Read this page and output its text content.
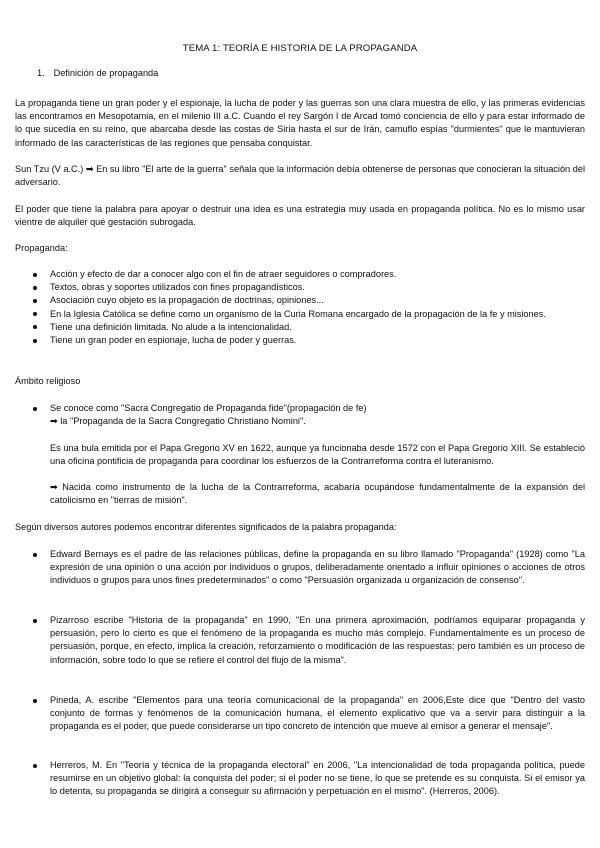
TEMA 1: TEORÍA E HISTORIA DE LA PROPAGANDA
1. Definición de propaganda
La propaganda tiene un gran poder y el espionaje, la lucha de poder y las guerras son una clara muestra de ello, y las primeras evidencias las encontramos en Mesopotamia, en el milenio III a.C. Cuando el rey Sargón I de Arcad tomó conciencia de ello y para estar informado de lo que sucedía en su reino, que abarcaba desde las costas de Siria hasta el sur de Irán, camuflo espías "durmientes" que le mantuvieran informado de las características de las regiones que pensaba conquistar.
Sun Tzu (V a.C.) ➡ En su libro "El arte de la guerra" señala que la información debía obtenerse de personas que conocieran la situación del adversario.
El poder que tiene la palabra para apoyar o destruir una idea es una estrategia muy usada en propaganda política. No es lo mismo usar vientre de alquiler qué gestación subrogada.
Propaganda:
Acción y efecto de dar a conocer algo con el fin de atraer seguidores o compradores.
Textos, obras y soportes utilizados con fines propagandísticos.
Asociación cuyo objeto es la propagación de doctrinas, opiniones...
En la Iglesia Católica se define como un organismo de la Curia Romana encargado de la propagación de la fe y misiones.
Tiene una definición limitada. No alude a la intencionalidad.
Tiene un gran poder en espionaje, lucha de poder y guerras.
Ámbito religioso
Se conoce como "Sacra Congregatio de Propaganda fide"(propagación de fe)
➡ la "Propaganda de la Sacra Congregatio Christiano Nomini".
Es una bula emitida por el Papa Gregorio XV en 1622, aunque ya funcionaba desde 1572 con el Papa Gregorio XIII. Se estableció una oficina pontificia de propaganda para coordinar los esfuerzos de la Contrarreforma contra el luteranismo.
➡ Nacida como instrumento de la lucha de la Contrarreforma, acabaría ocupándose fundamentalmente de la expansión del catolicismo en "tierras de misión".
Según diversos autores podemos encontrar diferentes significados de la palabra propaganda:
Edward Bernays es el padre de las relaciones públicas, define la propaganda en su libro llamado "Propaganda" (1928) como "La expresión de una opinión o una acción por individuos o grupos, deliberadamente orientado a influir opiniones o acciones de otros individuos o grupos para unos fines predeterminados" o como "Persuasión organizada u organización de consenso".
Pizarroso escribe "Historia de la propaganda" en 1990, "En una primera aproximación, podríamos equiparar propaganda y persuasión, pero lo cierto es que el fenómeno de la propaganda es mucho más complejo. Fundamentalmente es un proceso de persuasión, porque, en efecto, implica la creación, reforzamiento o modificación de las respuestas; pero también es un proceso de información, sobre todo lo que se refiere el control del flujo de la misma".
Pineda, A. escribe "Elementos para una teoría comunicacional de la propaganda" en 2006,Este dice que "Dentro del vasto conjunto de formas y fenómenos de la comunicación humana, el elemento explicativo que va a servir para distinguir a la propaganda es el poder, que puede considerarse un tipo concreto de intención que mueve al emisor a generar el mensaje".
Herreros, M. En "Teoría y técnica de la propaganda electoral" en 2006, "La intencionalidad de toda propaganda política, puede resumirse en un objetivo global: la conquista del poder; si el poder no se tiene, lo que se pretende es su conquista. Si el emisor ya lo detenta, su propaganda se dirigirá a conseguir su afirmación y perpetuación en el mismo". (Herreros, 2006).
